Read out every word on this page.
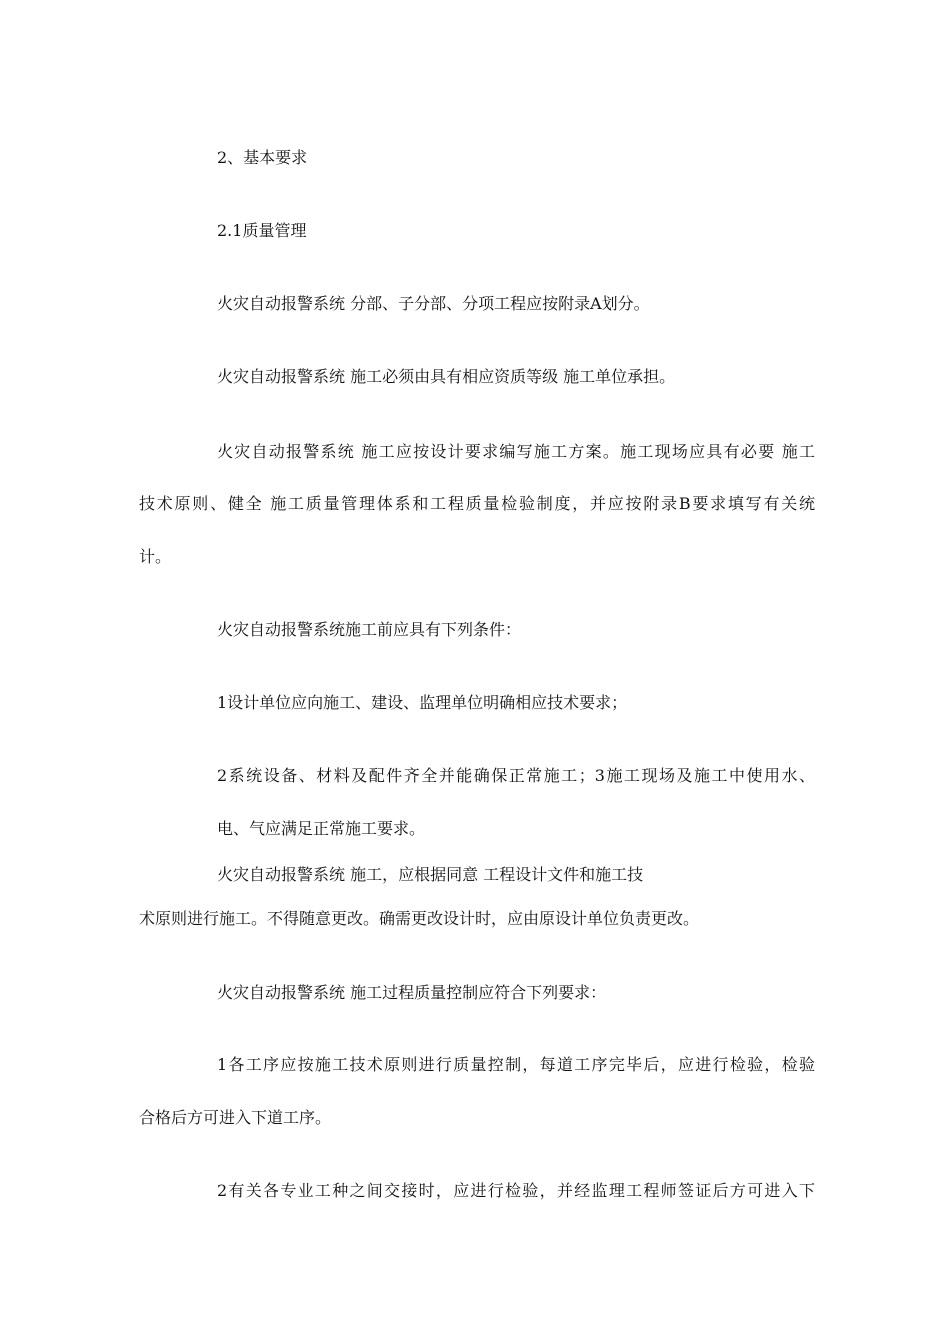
2、基本要求

2.1质量管理

火灾自动报警系统 分部、子分部、分项工程应按附录A划分。

火灾自动报警系统 施工必须由具有相应资质等级 施工单位承担。

火灾自动报警系统 施工应按设计要求编写施工方案。施工现场应具有必要 施工

技术原则、健全 施工质量管理体系和工程质量检验制度，并应按附录B要求填写有关统

计。

火灾自动报警系统施工前应具有下列条件：

1设计单位应向施工、建设、监理单位明确相应技术要求；

2系统设备、材料及配件齐全并能确保正常施工；3施工现场及施工中使用水、

电、气应满足正常施工要求。

火灾自动报警系统 施工，应根据同意 工程设计文件和施工技

术原则进行施工。不得随意更改。确需更改设计时，应由原设计单位负责更改。

火灾自动报警系统 施工过程质量控制应符合下列要求：

1各工序应按施工技术原则进行质量控制，每道工序完毕后，应进行检验，检验

合格后方可进入下道工序。

2有关各专业工种之间交接时，应进行检验，并经监理工程师签证后方可进入下
